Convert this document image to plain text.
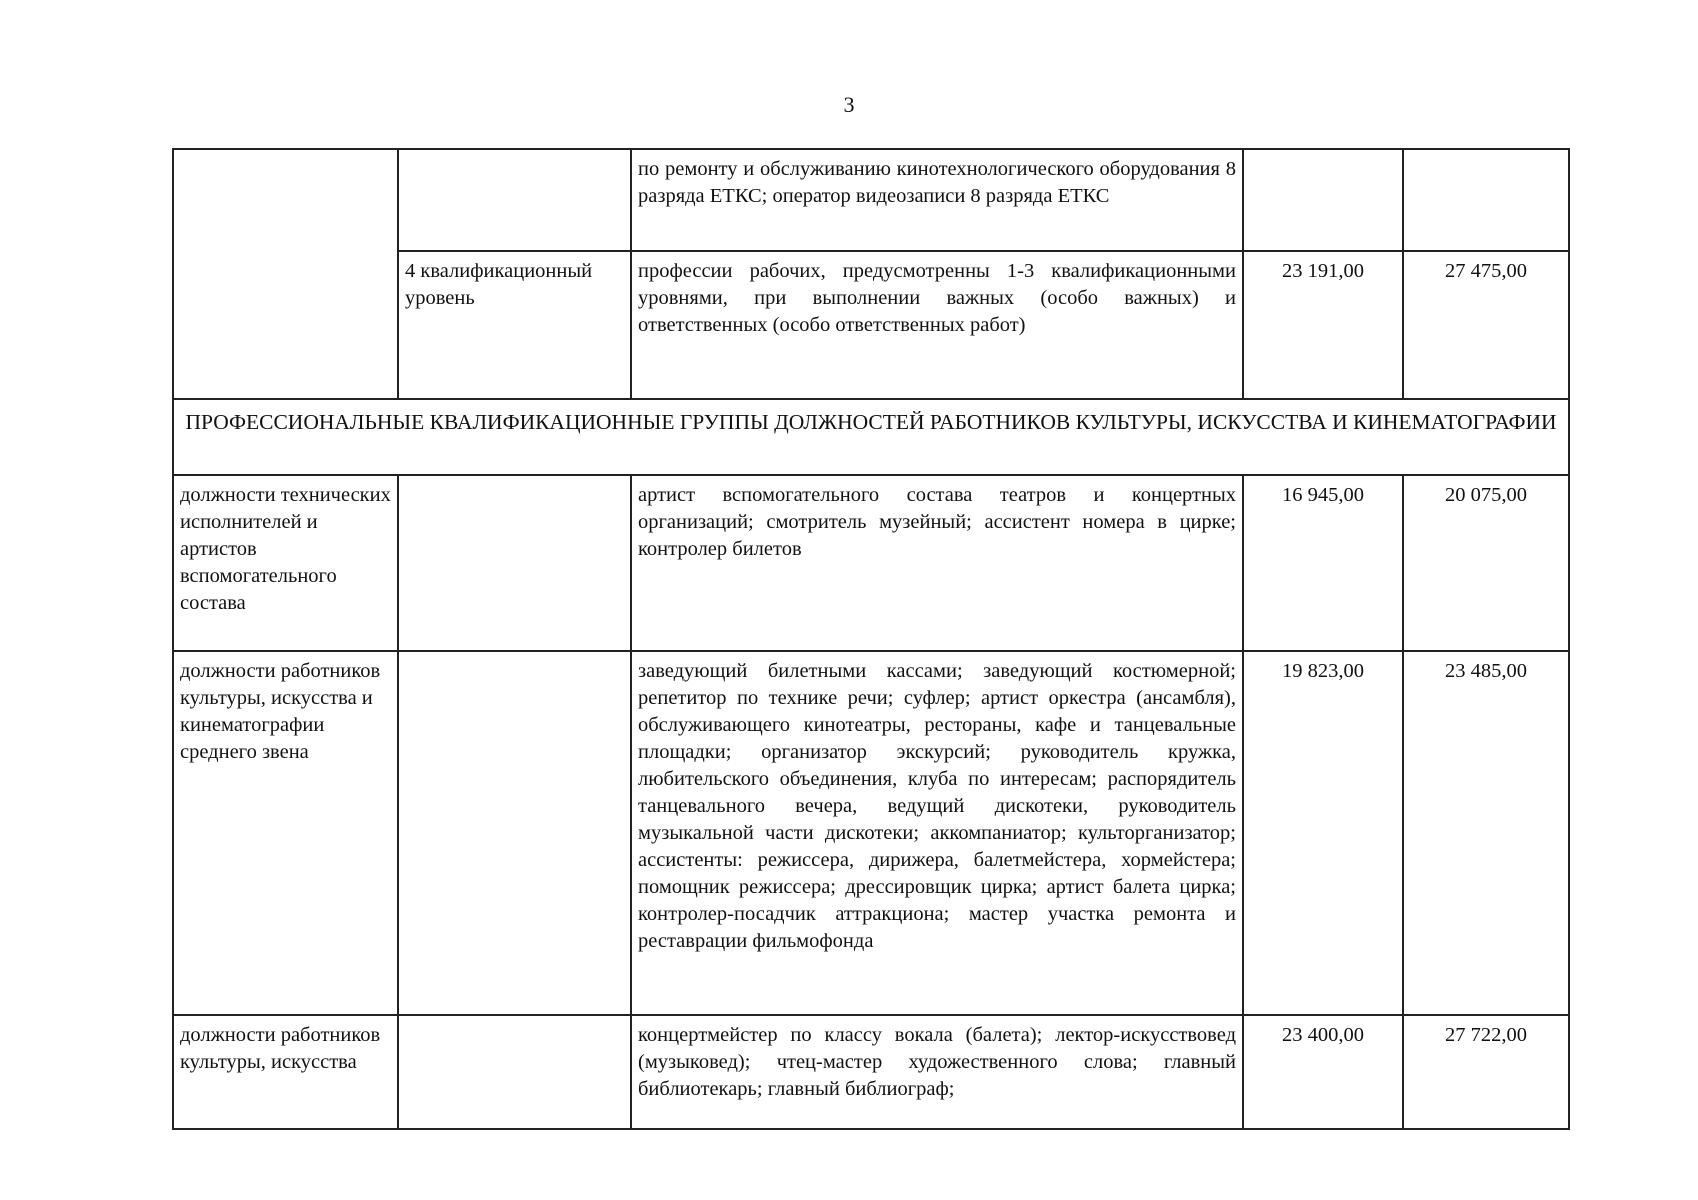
3
		по ремонту и обслуживанию кинотехнологического оборудования 8 разряда ЕТКС; оператор видеозаписи 8 разряда ЕТКС		
	4 квалификационный уровень	профессии рабочих, предусмотренны 1-3 квалификационными уровнями, при выполнении важных (особо важных) и ответственных (особо ответственных работ)	23 191,00	27 475,00
ПРОФЕССИОНАЛЬНЫЕ КВАЛИФИКАЦИОННЫЕ ГРУППЫ ДОЛЖНОСТЕЙ РАБОТНИКОВ КУЛЬТУРЫ, ИСКУССТВА И КИНЕМАТОГРАФИИ				
должности технических исполнителей и артистов вспомогательного состава		артист вспомогательного состава театров и концертных организаций; смотритель музейный; ассистент номера в цирке; контролер билетов	16 945,00	20 075,00
должности работников культуры, искусства и кинематографии среднего звена		заведующий билетными кассами; заведующий костюмерной; репетитор по технике речи; суфлер; артист оркестра (ансамбля), обслуживающего кинотеатры, рестораны, кафе и танцевальные площадки; организатор экскурсий; руководитель кружка, любительского объединения, клуба по интересам; распорядитель танцевального вечера, ведущий дискотеки, руководитель музыкальной части дискотеки; аккомпаниатор; культорганизатор; ассистенты: режиссера, дирижера, балетмейстера, хормейстера; помощник режиссера; дрессировщик цирка; артист балета цирка; контролер-посадчик аттракциона; мастер участка ремонта и реставрации фильмофонда	19 823,00	23 485,00
должности работников культуры, искусства		концертмейстер по классу вокала (балета); лектор-искусствовед (музыковед); чтец-мастер художественного слова; главный библиотекарь; главный библиограф;	23 400,00	27 722,00
